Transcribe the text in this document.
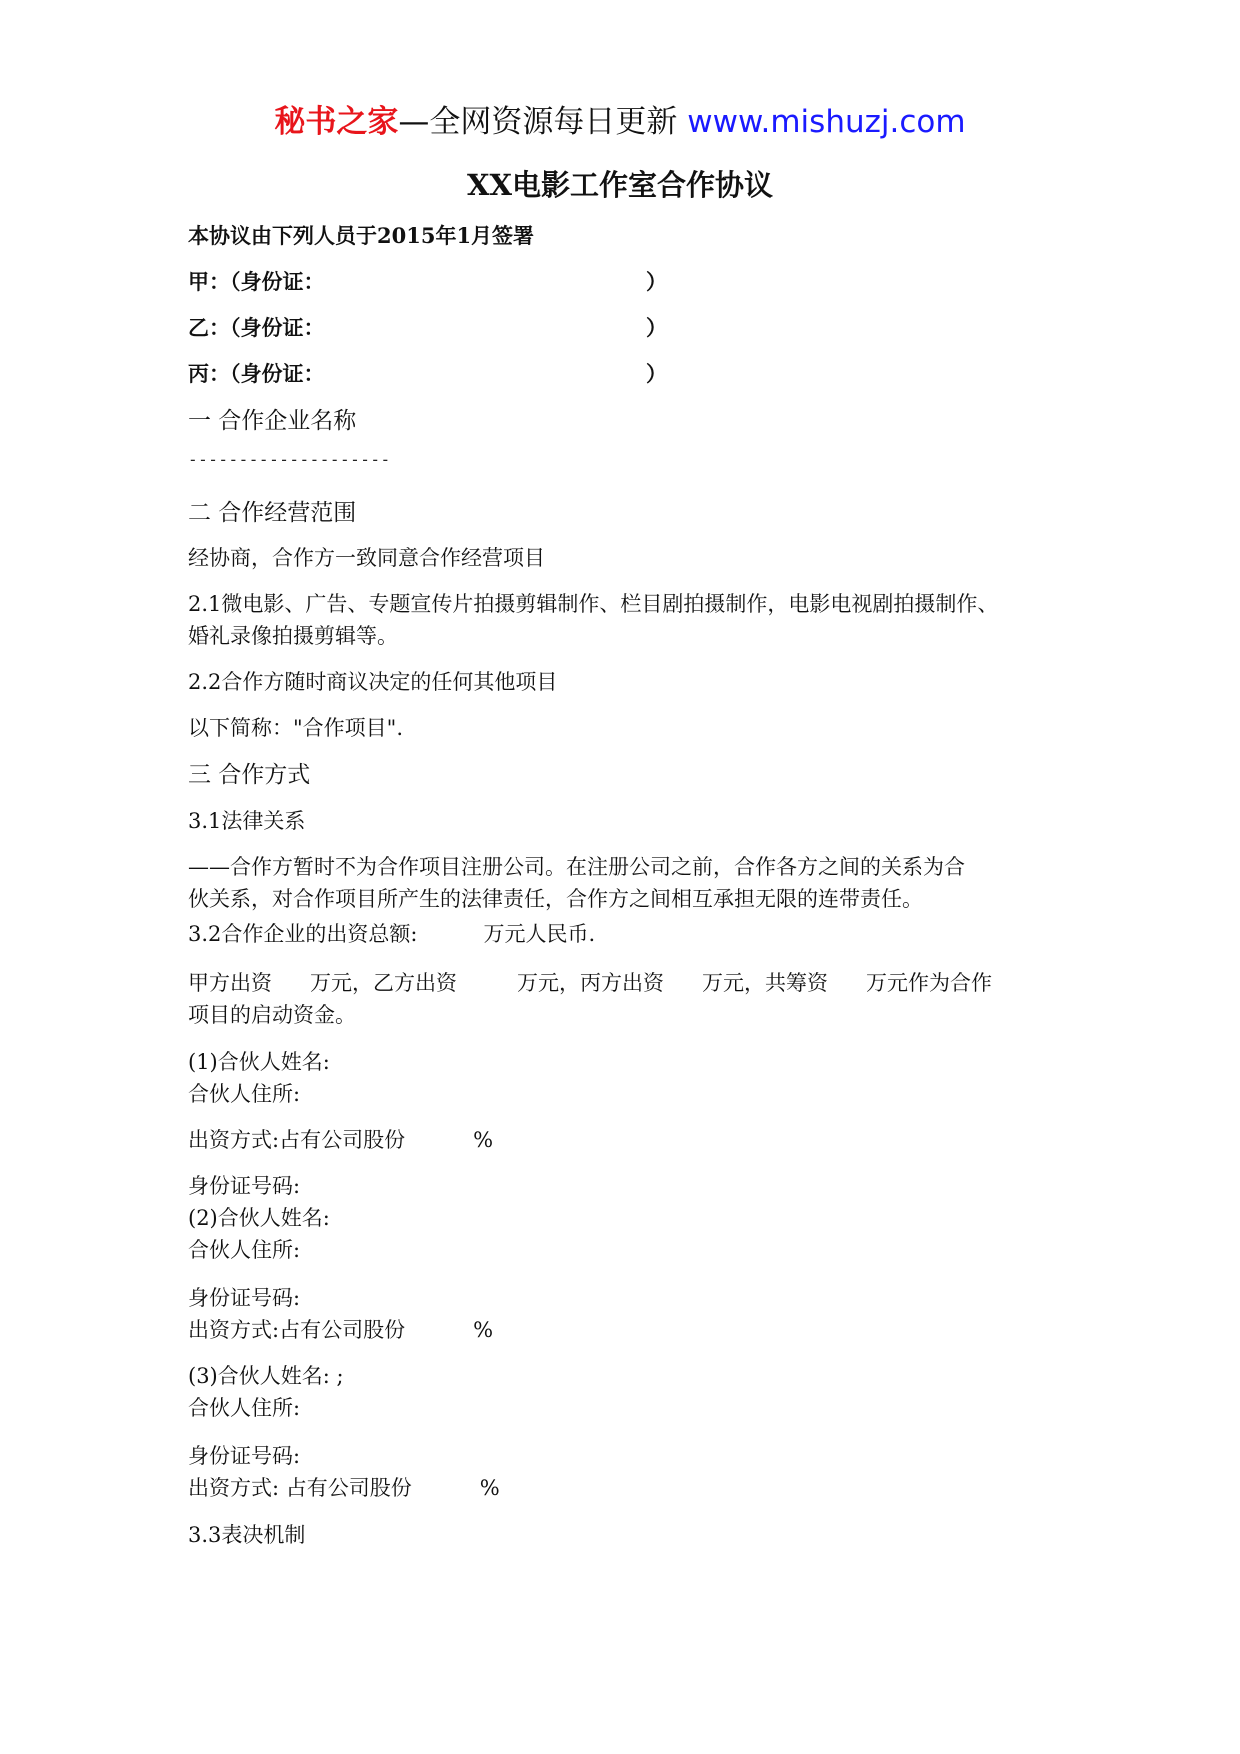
秘书之家—全网资源每日更新 www.mishuzj.com
XX电影工作室合作协议
本协议由下列人员于2015年1月签署
甲：（身份证：	）
乙：（身份证：	）
丙：（身份证：	）
一 合作企业名称
--------------------
二 合作经营范围
经协商，合作方一致同意合作经营项目
2.1微电影、广告、专题宣传片拍摄剪辑制作、栏目剧拍摄制作，电影电视剧拍摄制作、
婚礼录像拍摄剪辑等。
2.2合作方随时商议决定的任何其他项目
以下简称："合作项目".
三 合作方式
3.1法律关系
——合作方暂时不为合作项目注册公司。在注册公司之前，合作各方之间的关系为合
伙关系，对合作项目所产生的法律责任，合作方之间相互承担无限的连带责任。
3.2合作企业的出资总额:	万元人民币.
甲方出资 万元，乙方出资	万元，丙方出资 万元，共筹资 万元作为合作
项目的启动资金。
(1)合伙人姓名:
合伙人住所:
出资方式:占有公司股份	%
身份证号码:
(2)合伙人姓名:
合伙人住所:
身份证号码:
出资方式:占有公司股份	%
(3)合伙人姓名: ;
合伙人住所:
身份证号码:
出资方式: 占有公司股份	%
3.3表决机制
